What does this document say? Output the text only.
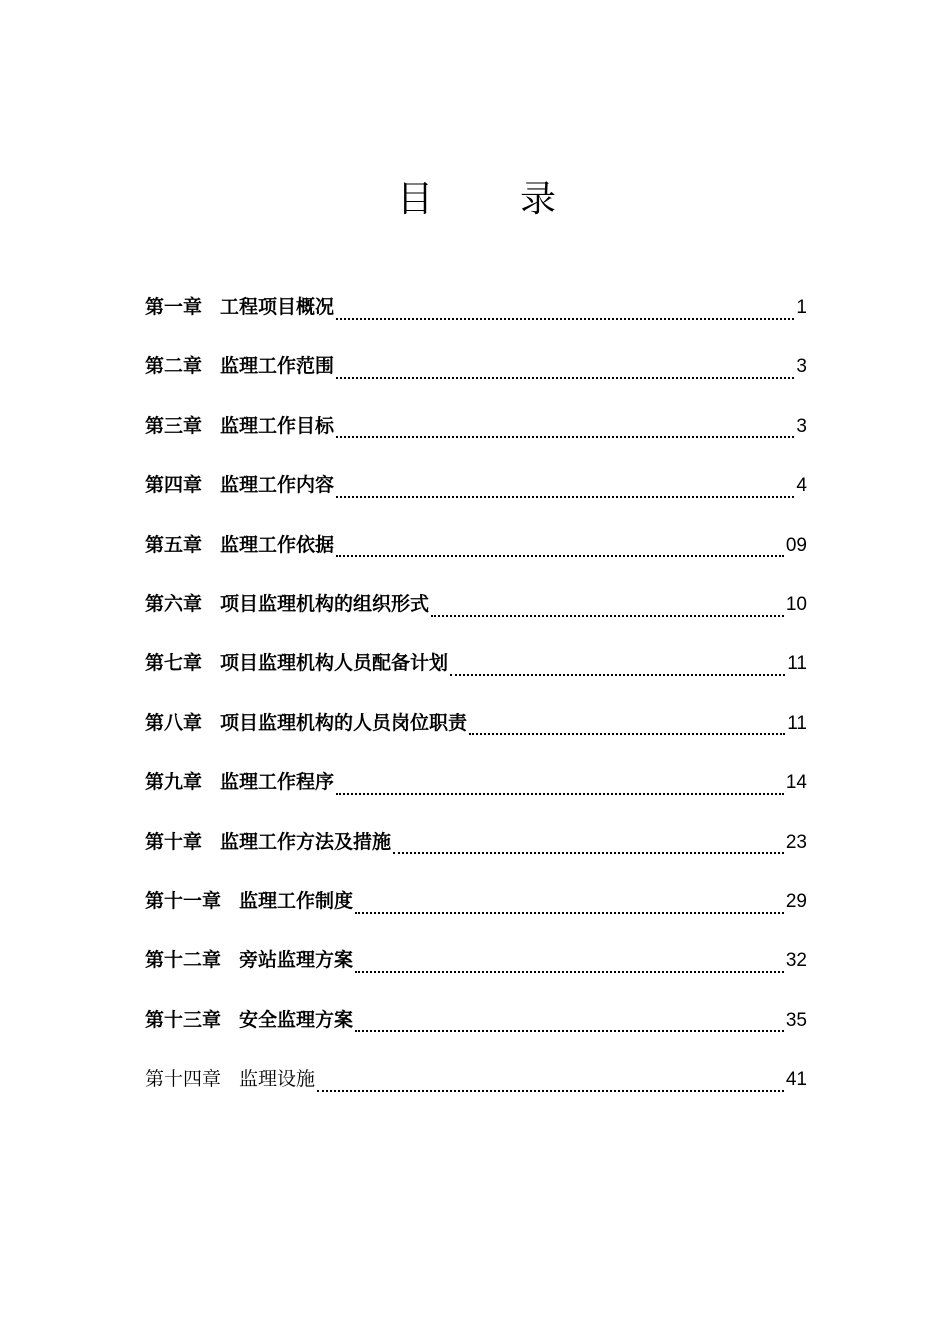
目 录
第一章 工程项目概况	1
第二章 监理工作范围	3
第三章 监理工作目标	3
第四章 监理工作内容	4
第五章 监理工作依据	09
第六章 项目监理机构的组织形式	10
第七章 项目监理机构人员配备计划	11
第八章 项目监理机构的人员岗位职责	11
第九章 监理工作程序	14
第十章 监理工作方法及措施	23
第十一章 监理工作制度	29
第十二章 旁站监理方案	32
第十三章 安全监理方案	35
第十四章 监理设施	41
